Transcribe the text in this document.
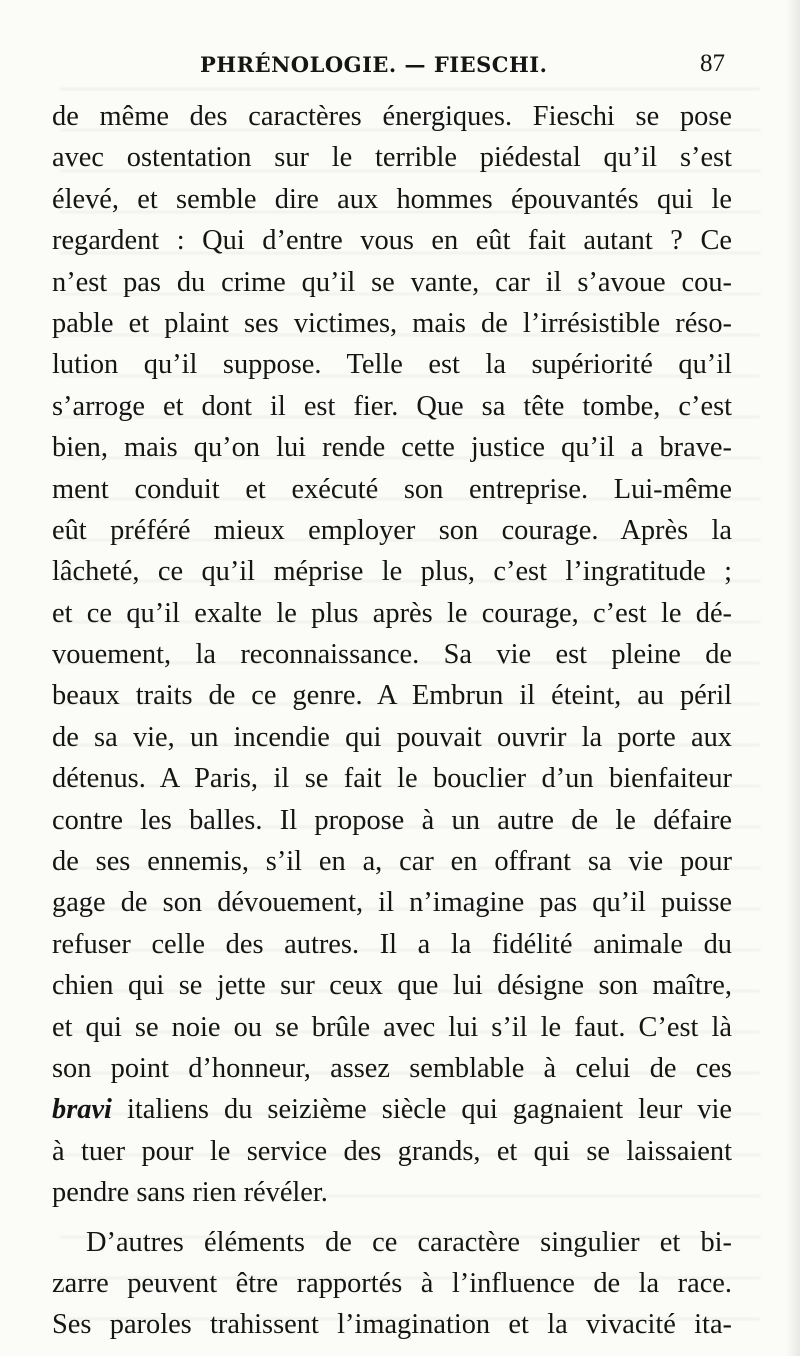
PHRÉNOLOGIE. — FIESCHI.	87
de même des caractères énergiques. Fieschi se pose
avec ostentation sur le terrible piédestal qu’il s’est
élevé, et semble dire aux hommes épouvantés qui le
regardent : Qui d’entre vous en eût fait autant ? Ce
n’est pas du crime qu’il se vante, car il s’avoue cou-
pable et plaint ses victimes, mais de l’irrésistible réso-
lution qu’il suppose. Telle est la supériorité qu’il
s’arroge et dont il est fier. Que sa tête tombe, c’est
bien, mais qu’on lui rende cette justice qu’il a brave-
ment conduit et exécuté son entreprise. Lui-même
eût préféré mieux employer son courage. Après la
lâcheté, ce qu’il méprise le plus, c’est l’ingratitude ;
et ce qu’il exalte le plus après le courage, c’est le dé-
vouement, la reconnaissance. Sa vie est pleine de
beaux traits de ce genre. A Embrun il éteint, au péril
de sa vie, un incendie qui pouvait ouvrir la porte aux
détenus. A Paris, il se fait le bouclier d’un bienfaiteur
contre les balles. Il propose à un autre de le défaire
de ses ennemis, s’il en a, car en offrant sa vie pour
gage de son dévouement, il n’imagine pas qu’il puisse
refuser celle des autres. Il a la fidélité animale du
chien qui se jette sur ceux que lui désigne son maître,
et qui se noie ou se brûle avec lui s’il le faut. C’est là
son point d’honneur, assez semblable à celui de ces
bravi italiens du seizième siècle qui gagnaient leur vie
à tuer pour le service des grands, et qui se laissaient
pendre sans rien révéler.
D’autres éléments de ce caractère singulier et bi-
zarre peuvent être rapportés à l’influence de la race.
Ses paroles trahissent l’imagination et la vivacité ita-
